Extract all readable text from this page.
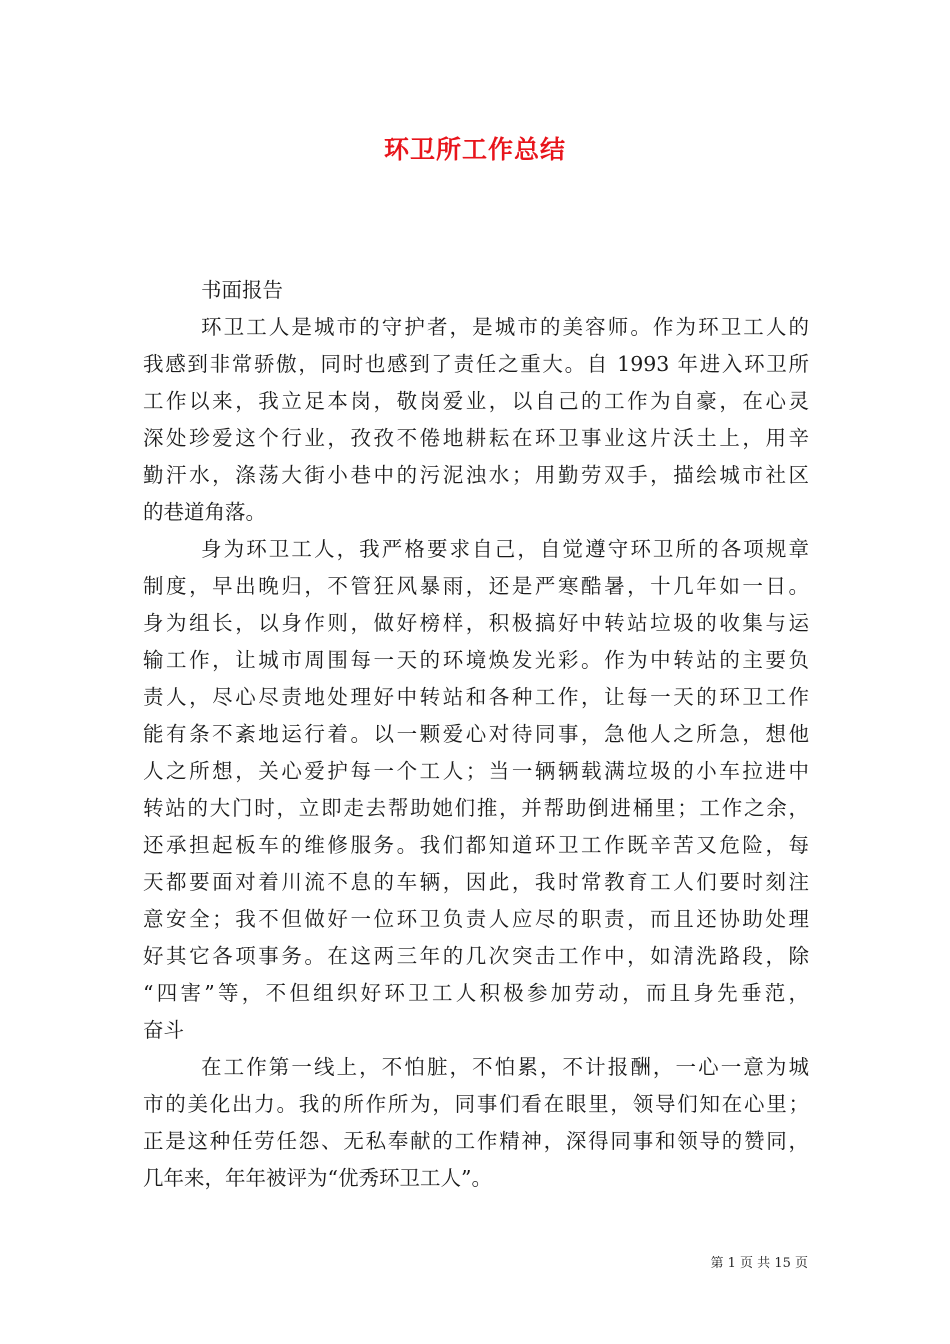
环卫所工作总结

书面报告

环卫工人是城市的守护者，是城市的美容师。作为环卫工人的
我感到非常骄傲，同时也感到了责任之重大。自 1993 年进入环卫所
工作以来，我立足本岗，敬岗爱业，以自己的工作为自豪，在心灵
深处珍爱这个行业，孜孜不倦地耕耘在环卫事业这片沃土上，用辛
勤汗水，涤荡大街小巷中的污泥浊水；用勤劳双手，描绘城市社区
的巷道角落。

身为环卫工人，我严格要求自己，自觉遵守环卫所的各项规章
制度，早出晚归，不管狂风暴雨，还是严寒酷暑，十几年如一日。
身为组长，以身作则，做好榜样，积极搞好中转站垃圾的收集与运
输工作，让城市周围每一天的环境焕发光彩。作为中转站的主要负
责人，尽心尽责地处理好中转站和各种工作，让每一天的环卫工作
能有条不紊地运行着。以一颗爱心对待同事，急他人之所急，想他
人之所想，关心爱护每一个工人；当一辆辆载满垃圾的小车拉进中
转站的大门时，立即走去帮助她们推，并帮助倒进桶里；工作之余，
还承担起板车的维修服务。我们都知道环卫工作既辛苦又危险，每
天都要面对着川流不息的车辆，因此，我时常教育工人们要时刻注
意安全；我不但做好一位环卫负责人应尽的职责，而且还协助处理
好其它各项事务。在这两三年的几次突击工作中，如清洗路段，除
“四害”等，不但组织好环卫工人积极参加劳动，而且身先垂范，
奋斗

在工作第一线上，不怕脏，不怕累，不计报酬，一心一意为城
市的美化出力。我的所作所为，同事们看在眼里，领导们知在心里；
正是这种任劳任怨、无私奉献的工作精神，深得同事和领导的赞同，
几年来，年年被评为“优秀环卫工人”。

第 1 页 共 15 页
